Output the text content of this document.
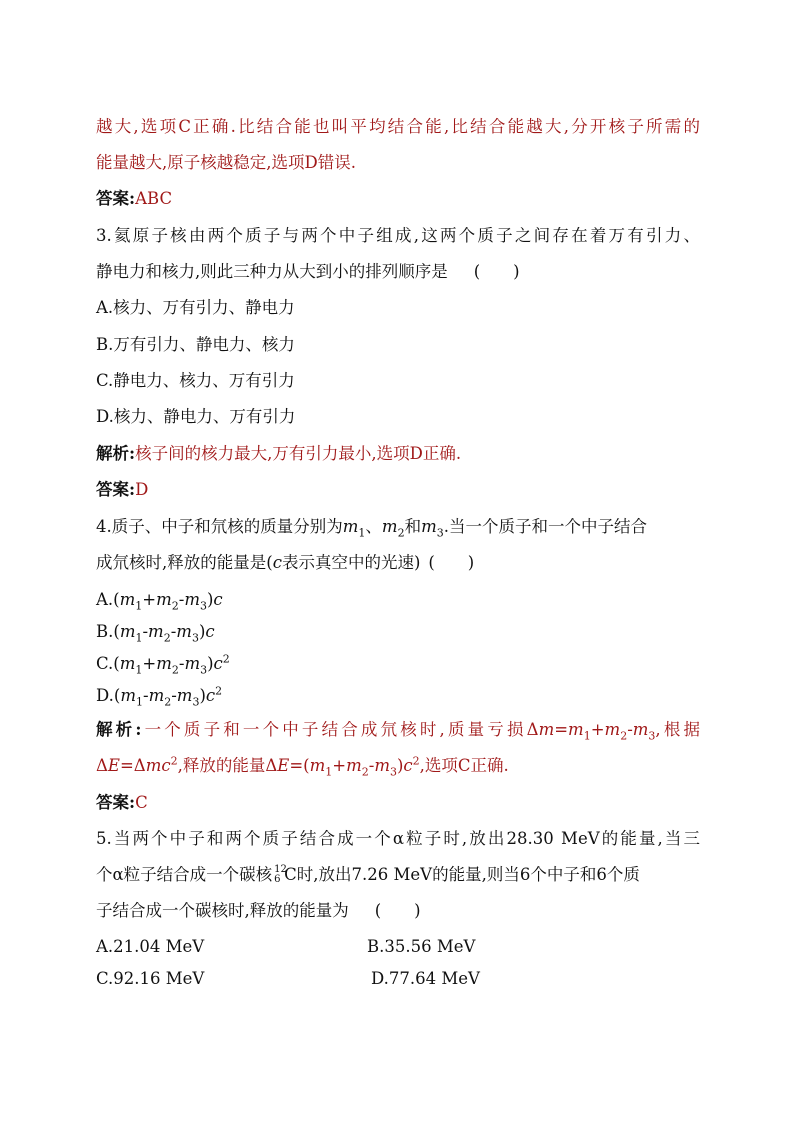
越大,选项C正确.比结合能也叫平均结合能,比结合能越大,分开核子所需的
能量越大,原子核越稳定,选项D错误.
答案:ABC
3.氦原子核由两个质子与两个中子组成,这两个质子之间存在着万有引力、
静电力和核力,则此三种力从大到小的排列顺序是 (　　)
A.核力、万有引力、静电力
B.万有引力、静电力、核力
C.静电力、核力、万有引力
D.核力、静电力、万有引力
解析:核子间的核力最大,万有引力最小,选项D正确.
答案:D
4.质子、中子和氘核的质量分别为$m_1$、$m_2$和$m_3$.当一个质子和一个中子结合
成氘核时,释放的能量是(c表示真空中的光速) (　　)
$A.(m_1+m_2-m_3)c$
$B.(m_1-m_2-m_3)c$
$C.(m_1+m_2-m_3)c^2$
$D.(m_1-m_2-m_3)c^2$
解析:一个质子和一个中子结合成氘核时,质量亏损$\Delta m=m_1+m_2-m_3$,根据
ΔE=Δmc$^2$,释放的能量$\Delta E=(m_1+m_2-m_3)c^2$,选项C正确.
答案:C
5.当两个中子和两个质子结合成一个α粒子时,放出28.30 MeV的能量,当三
个α粒子结合成一个碳核 12
6 C时,放出7.26 MeV的能量,则当6个中子和6个质
子结合成一个碳核时,释放的能量为 (　　)
A.21.04 MeV	B.35.56 MeV
C.92.16 MeV	D.77.64 MeV
